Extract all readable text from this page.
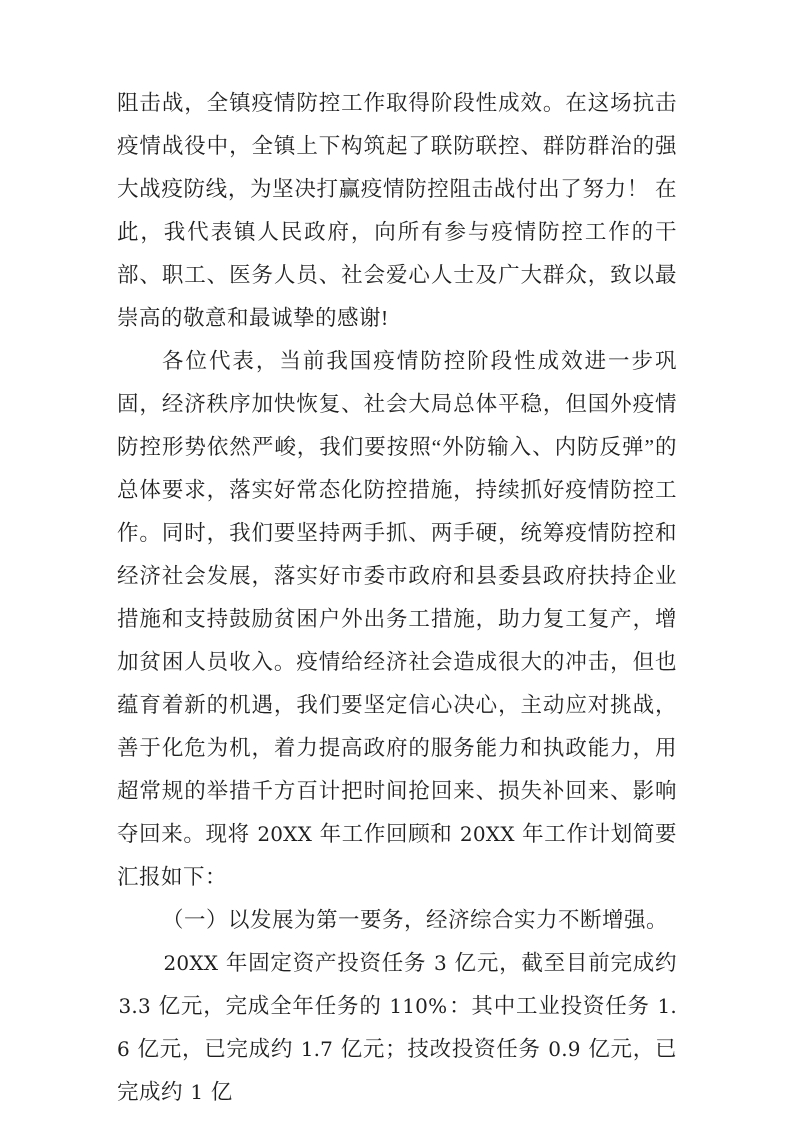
阻击战，全镇疫情防控工作取得阶段性成效。在这场抗击疫情战役中，全镇上下构筑起了联防联控、群防群治的强大战疫防线，为坚决打赢疫情防控阻击战付出了努力！ 在此，我代表镇人民政府，向所有参与疫情防控工作的干部、职工、医务人员、社会爱心人士及广大群众，致以最崇高的敬意和最诚挚的感谢!

各位代表，当前我国疫情防控阶段性成效进一步巩固，经济秩序加快恢复、社会大局总体平稳，但国外疫情防控形势依然严峻，我们要按照“外防输入、内防反弹”的总体要求，落实好常态化防控措施，持续抓好疫情防控工作。同时，我们要坚持两手抓、两手硬，统筹疫情防控和经济社会发展，落实好市委市政府和县委县政府扶持企业措施和支持鼓励贫困户外出务工措施，助力复工复产，增加贫困人员收入。疫情给经济社会造成很大的冲击，但也蕴育着新的机遇，我们要坚定信心决心，主动应对挑战，善于化危为机，着力提高政府的服务能力和执政能力，用超常规的举措千方百计把时间抢回来、损失补回来、影响夺回来。现将 20XX 年工作回顾和 20XX 年工作计划简要汇报如下：

（一）以发展为第一要务，经济综合实力不断增强。

20XX 年固定资产投资任务 3 亿元，截至目前完成约 3.3 亿元，完成全年任务的 110%：其中工业投资任务 1.6 亿元，已完成约 1.7 亿元；技改投资任务 0.9 亿元，已完成约 1 亿
